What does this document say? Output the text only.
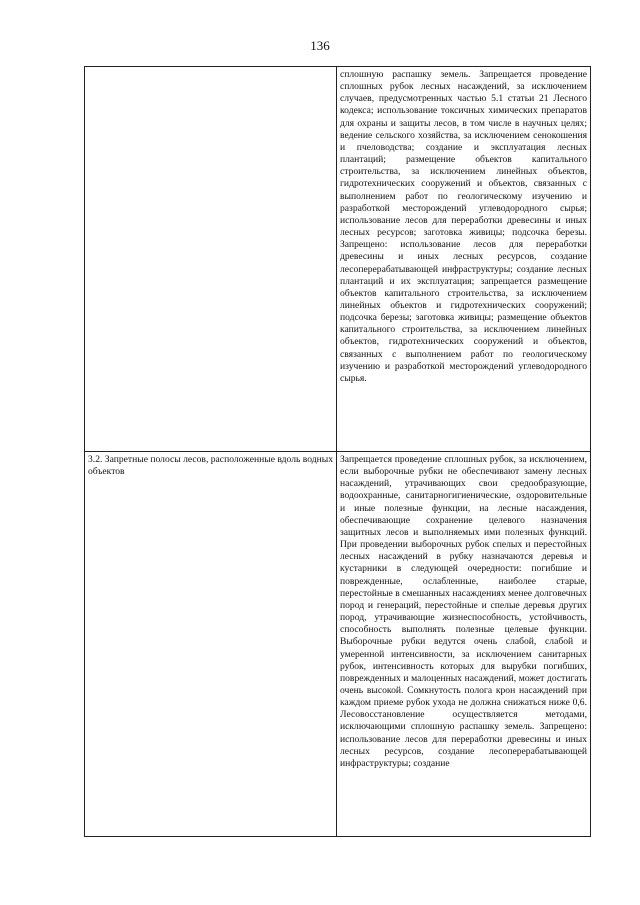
136

	сплошную распашку земель. Запрещается проведение сплошных рубок лесных насаждений, за исключением случаев, предусмотренных частью 5.1 статьи 21 Лесного кодекса; использование токсичных химических препаратов для охраны и защиты лесов, в том числе в научных целях; ведение сельского хозяйства, за исключением сенокошения и пчеловодства; создание и эксплуатация лесных плантаций; размещение объектов капитального строительства, за исключением линейных объектов, гидротехнических сооружений и объектов, связанных с выполнением работ по геологическому изучению и разработкой месторождений углеводородного сырья; использование лесов для переработки древесины и иных лесных ресурсов; заготовка живицы; подсочка березы. Запрещено: использование лесов для переработки древесины и иных лесных ресурсов, создание лесоперерабатывающей инфраструктуры; создание лесных плантаций и их эксплуатация; запрещается размещение объектов капитального строительства, за исключением линейных объектов и гидротехнических сооружений; подсочка березы; заготовка живицы; размещение объектов капитального строительства, за исключением линейных объектов, гидротехнических сооружений и объектов, связанных с выполнением работ по геологическому изучению и разработкой месторождений углеводородного сырья.

3.2. Запретные полосы лесов, расположенные вдоль водных объектов	Запрещается проведение сплошных рубок, за исключением, если выборочные рубки не обеспечивают замену лесных насаждений, утрачивающих свои средообразующие, водоохранные, санитарногигиенические, оздоровительные и иные полезные функции, на лесные насаждения, обеспечивающие сохранение целевого назначения защитных лесов и выполняемых ими полезных функций. При проведении выборочных рубок спелых и перестойных лесных насаждений в рубку назначаются деревья и кустарники в следующей очередности: погибшие и поврежденные, ослабленные, наиболее старые, перестойные в смешанных насаждениях менее долговечных пород и генераций, перестойные и спелые деревья других пород, утрачивающие жизнеспособность, устойчивость, способность выполнять полезные целевые функции. Выборочные рубки ведутся очень слабой, слабой и умеренной интенсивности, за исключением санитарных рубок, интенсивность которых для вырубки погибших, поврежденных и малоценных насаждений, может достигать очень высокой. Сомкнутость полога крон насаждений при каждом приеме рубок ухода не должна снижаться ниже 0,6. Лесовосстановление осуществляется методами, исключающими сплошную распашку земель. Запрещено: использование лесов для переработки древесины и иных лесных ресурсов, создание лесоперерабатывающей инфраструктуры; создание
